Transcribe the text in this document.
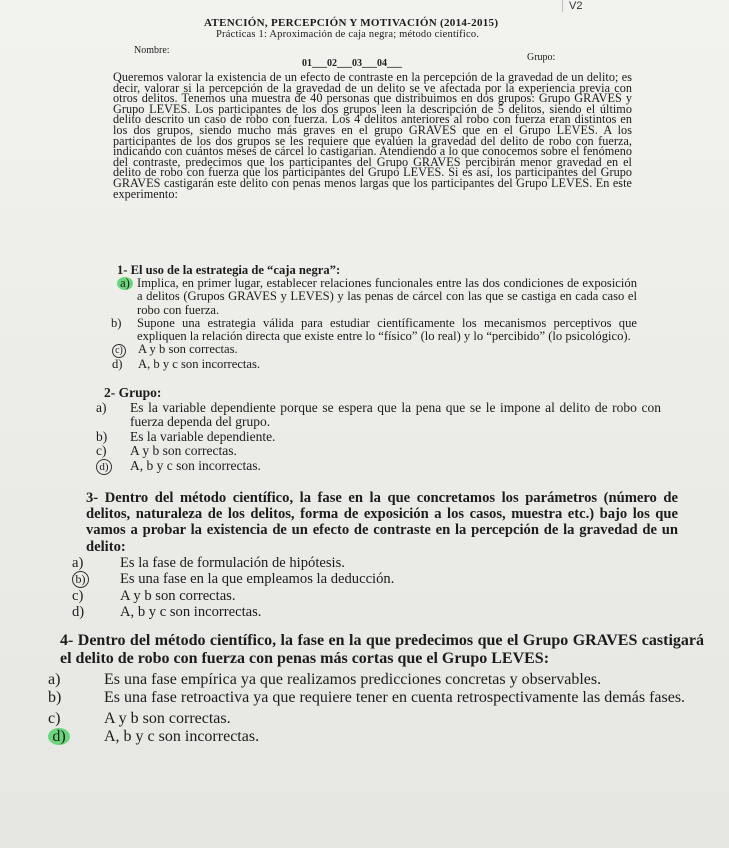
V2
ATENCIÓN, PERCEPCIÓN Y MOTIVACIÓN (2014-2015)
Prácticas 1: Aproximación de caja negra; método científico.
Nombre:
Grupo:
01___02___03___04___

Queremos valorar la existencia de un efecto de contraste en la percepción de la gravedad de un delito; es decir, valorar si la percepción de la gravedad de un delito se ve afectada por la experiencia previa con otros delitos. Tenemos una muestra de 40 personas que distribuimos en dos grupos: Grupo GRAVES y Grupo LEVES. Los participantes de los dos grupos leen la descripción de 5 delitos, siendo el último delito descrito un caso de robo con fuerza. Los 4 delitos anteriores al robo con fuerza eran distintos en los dos grupos, siendo mucho más graves en el grupo GRAVES que en el Grupo LEVES. A los participantes de los dos grupos se les requiere que evalúen la gravedad del delito de robo con fuerza, indicando con cuántos meses de cárcel lo castigarían. Atendiendo a lo que conocemos sobre el fenómeno del contraste, predecimos que los participantes del Grupo GRAVES percibirán menor gravedad en el delito de robo con fuerza que los participantes del Grupo LEVES. Si es así, los participantes del Grupo GRAVES castigarán este delito con penas menos largas que los participantes del Grupo LEVES. En este experimento:

1- El uso de la estrategia de “caja negra”:
a) Implica, en primer lugar, establecer relaciones funcionales entre las dos condiciones de exposición a delitos (Grupos GRAVES y LEVES) y las penas de cárcel con las que se castiga en cada caso el robo con fuerza.
b)	Supone una estrategia válida para estudiar científicamente los mecanismos perceptivos que expliquen la relación directa que existe entre lo “físico” (lo real) y lo “percibido” (lo psicológico).
c)	A y b son correctas.
d)	A, b y c son incorrectas.
2- Grupo:
a)	Es la variable dependiente porque se espera que la pena que se le impone al delito de robo con fuerza dependa del grupo.
b)	Es la variable dependiente.
c)	A y b son correctas.
d)	A, b y c son incorrectas.
3- Dentro del método científico, la fase en la que concretamos los parámetros (número de delitos, naturaleza de los delitos, forma de exposición a los casos, muestra etc.) bajo los que vamos a probar la existencia de un efecto de contraste en la percepción de la gravedad de un delito:
a)	Es la fase de formulación de hipótesis.
b)	Es una fase en la que empleamos la deducción.
c)	A y b son correctas.
d)	A, b y c son incorrectas.
4- Dentro del método científico, la fase en la que predecimos que el Grupo GRAVES castigará el delito de robo con fuerza con penas más cortas que el Grupo LEVES:
a)	Es una fase empírica ya que realizamos predicciones concretas y observables.
b)	Es una fase retroactiva ya que requiere tener en cuenta retrospectivamente las demás fases.
c)	A y b son correctas.
d)	A, b y c son incorrectas.
